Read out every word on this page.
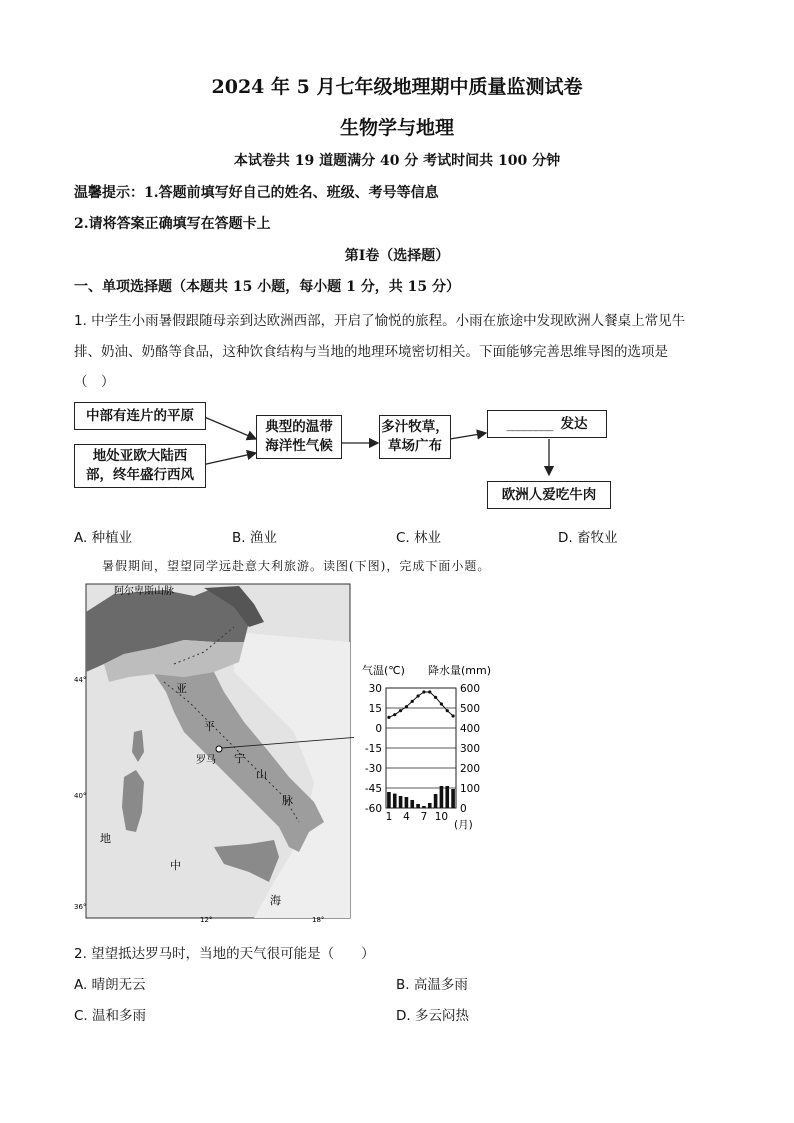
2024 年 5 月七年级地理期中质量监测试卷
生物学与地理
本试卷共 19 道题满分 40 分 考试时间共 100 分钟
温馨提示：1.答题前填写好自己的姓名、班级、考号等信息
2.请将答案正确填写在答题卡上
第Ⅰ卷（选择题）
一、单项选择题（本题共 15 小题，每小题 1 分，共 15 分）
1. 中学生小雨暑假跟随母亲到达欧洲西部，开启了愉悦的旅程。小雨在旅途中发现欧洲人餐桌上常见牛
排、奶油、奶酪等食品，这种饮食结构与当地的地理环境密切相关。下面能够完善思维导图的选项是
（　）
中部有连片的平原
地处亚欧大陆西
部，终年盛行西风
典型的温带
海洋性气候
多汁牧草，
草场广布
________ 发达
欧洲人爱吃牛肉
A. 种植业	B. 渔业	C. 林业	D. 畜牧业
暑假期间，望望同学远赴意大利旅游。读图(下图)，完成下面小题。
阿尔卑斯山脉
亚
平
宁
山
脉
罗马
地
中
海
44°
40°
36°
12°	18°
气温(℃) 降水量(mm)
30
15
0
-15
-30
-45
-60
600
500
400
300
200
100
0
1 4 7 10
(月)
2. 望望抵达罗马时，当地的天气很可能是（　　）
A. 晴朗无云	B. 高温多雨
C. 温和多雨	D. 多云闷热
